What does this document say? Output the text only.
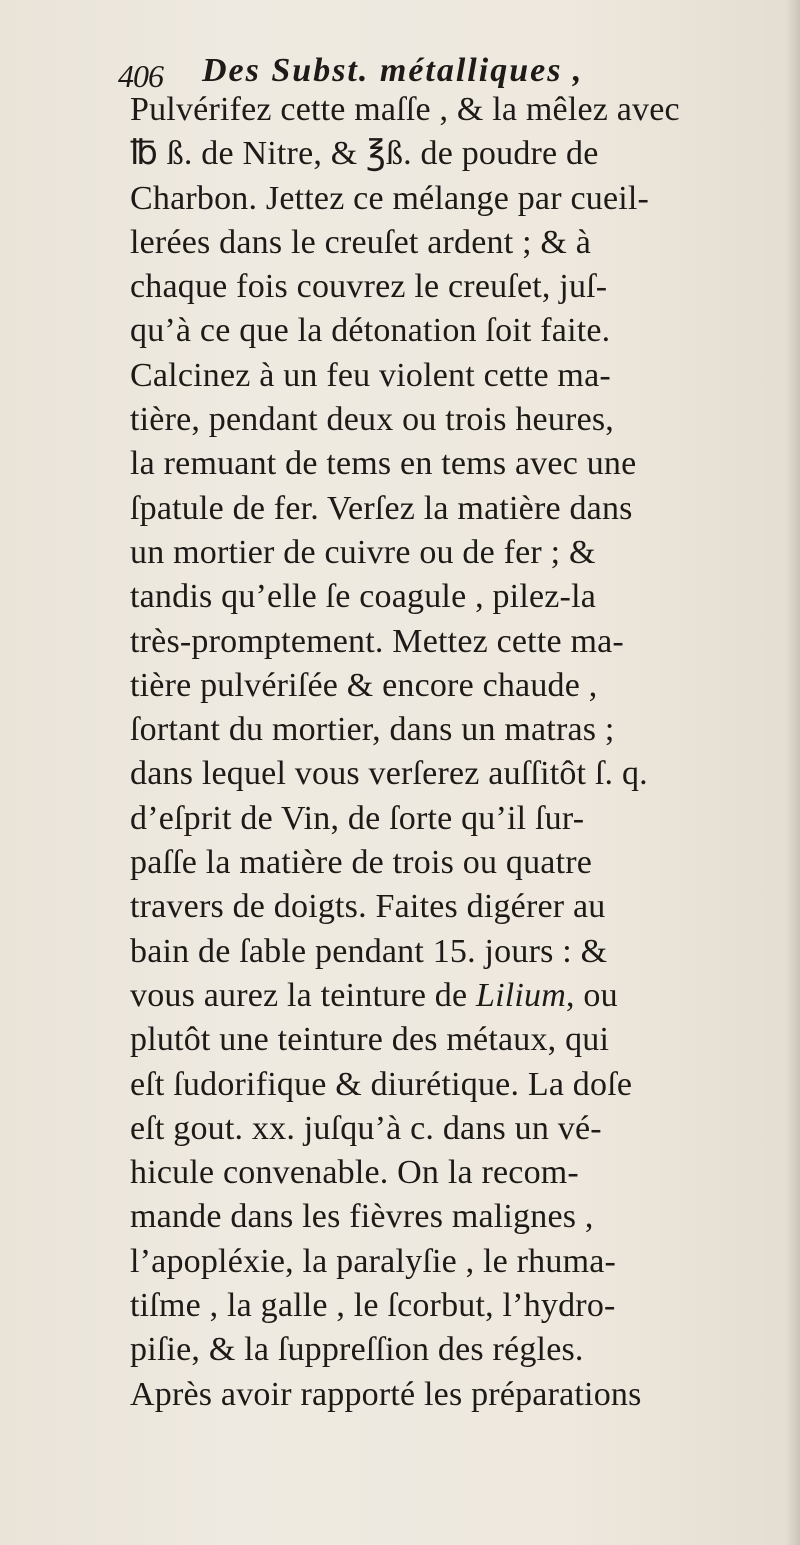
406 Des Subst. métalliques ,
Pulvérifez cette maſſe , & la mêlez avec
℔ ß. de Nitre, & ℥ß. de poudre de
Charbon. Jettez ce mélange par cueil-
lerées dans le creuſet ardent ; & à
chaque fois couvrez le creuſet, juſ-
qu’à ce que la détonation ſoit faite.
Calcinez à un feu violent cette ma-
tière, pendant deux ou trois heures,
la remuant de tems en tems avec une
ſpatule de fer. Verſez la matière dans
un mortier de cuivre ou de fer ; &
tandis qu’elle ſe coagule , pilez-la
très-promptement. Mettez cette ma-
tière pulvériſée & encore chaude ,
ſortant du mortier, dans un matras ;
dans lequel vous verſerez auſſitôt ſ. q.
d’eſprit de Vin, de ſorte qu’il ſur-
paſſe la matière de trois ou quatre
travers de doigts. Faites digérer au
bain de ſable pendant 15. jours : &
vous aurez la teinture de Lilium, ou
plutôt une teinture des métaux, qui
eſt ſudorifique & diurétique. La doſe
eſt gout. xx. juſqu’à c. dans un vé-
hicule convenable. On la recom-
mande dans les fièvres malignes ,
l’apopléxie, la paralyſie , le rhuma-
tiſme , la galle , le ſcorbut, l’hydro-
piſie, & la ſuppreſſion des régles.
Après avoir rapporté les préparations
